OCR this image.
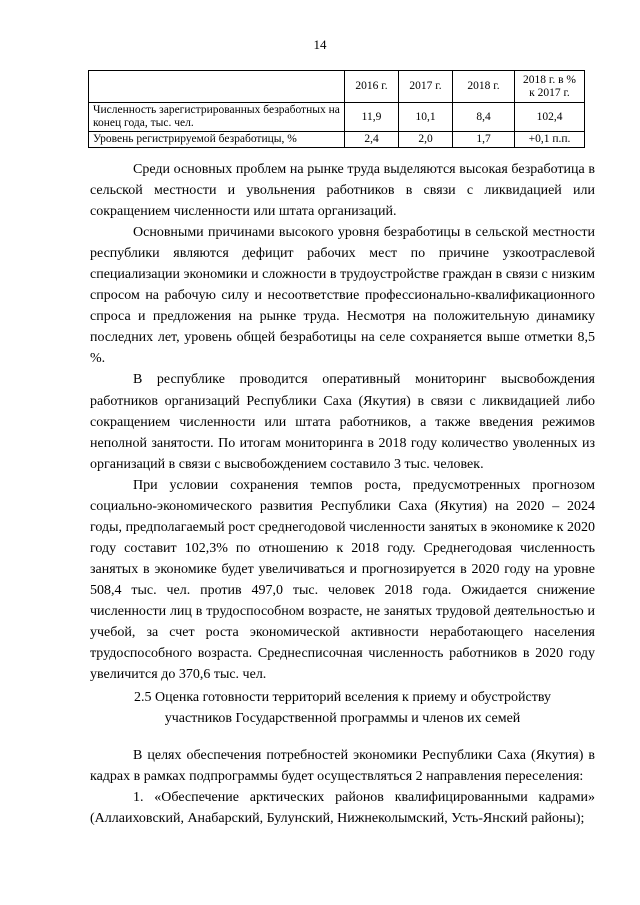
14
	2016 г.	2017 г.	2018 г.	2018 г. в % к 2017 г.
Численность зарегистрированных безработных на конец года, тыс. чел.	11,9	10,1	8,4	102,4
Уровень регистрируемой безработицы, %	2,4	2,0	1,7	+0,1 п.п.

Среди основных проблем на рынке труда выделяются высокая безработица в сельской местности и увольнения работников в связи с ликвидацией или сокращением численности или штата организаций.

Основными причинами высокого уровня безработицы в сельской местности республики являются дефицит рабочих мест по причине узкоотраслевой специализации экономики и сложности в трудоустройстве граждан в связи с низким спросом на рабочую силу и несоответствие профессионально-квалификационного спроса и предложения на рынке труда. Несмотря на положительную динамику последних лет, уровень общей безработицы на селе сохраняется выше отметки 8,5 %.

В республике проводится оперативный мониторинг высвобождения работников организаций Республики Саха (Якутия) в связи с ликвидацией либо сокращением численности или штата работников, а также введения режимов неполной занятости. По итогам мониторинга в 2018 году количество уволенных из организаций в связи с высвобождением составило 3 тыс. человек.

При условии сохранения темпов роста, предусмотренных прогнозом социально-экономического развития Республики Саха (Якутия) на 2020 – 2024 годы, предполагаемый рост среднегодовой численности занятых в экономике к 2020 году составит 102,3% по отношению к 2018 году. Среднегодовая численность занятых в экономике будет увеличиваться и прогнозируется в 2020 году на уровне 508,4 тыс. чел. против 497,0 тыс. человек 2018 года. Ожидается снижение численности лиц в трудоспособном возрасте, не занятых трудовой деятельностью и учебой, за счет роста экономической активности неработающего населения трудоспособного возраста. Среднесписочная численность работников в 2020 году увеличится до 370,6 тыс. чел.

2.5 Оценка готовности территорий вселения к приему и обустройству
участников Государственной программы и членов их семей

В целях обеспечения потребностей экономики Республики Саха (Якутия) в кадрах в рамках подпрограммы будет осуществляться 2 направления переселения:

1. «Обеспечение арктических районов квалифицированными кадрами» (Аллаиховский, Анабарский, Булунский, Нижнеколымский, Усть-Янский районы);
